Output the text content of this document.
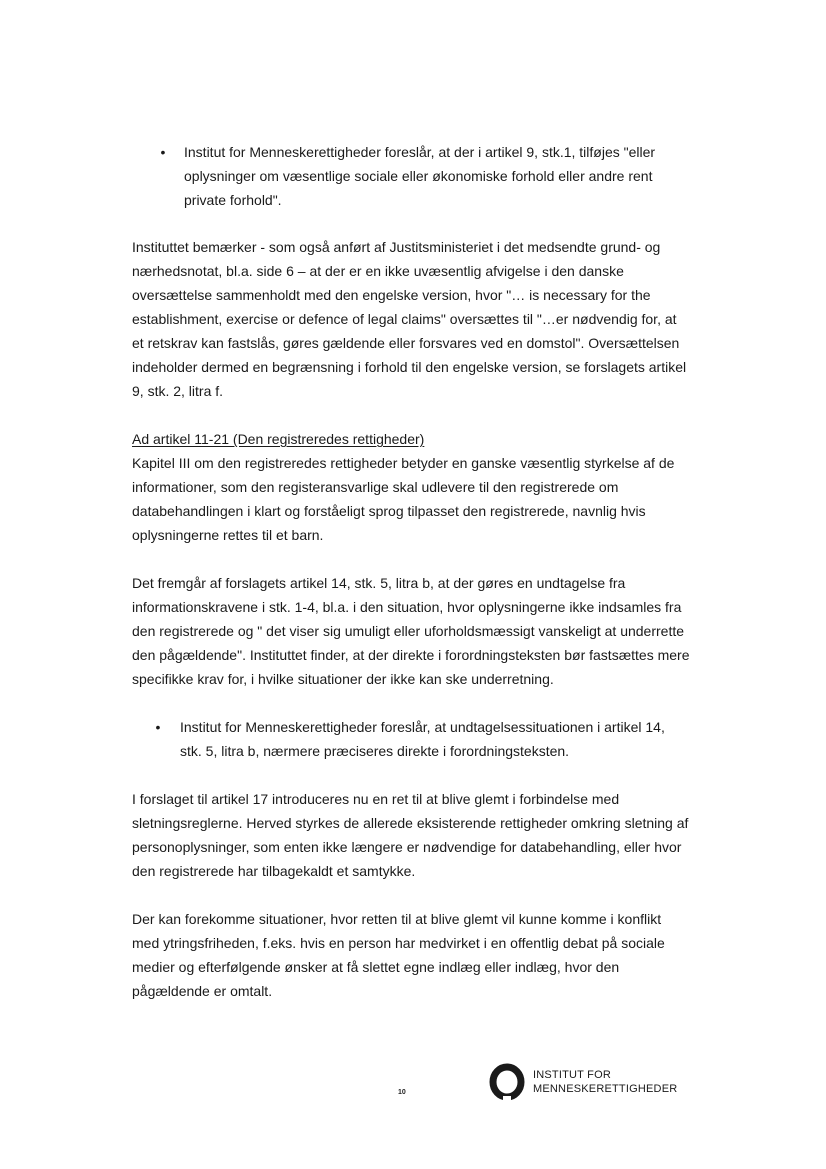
• Institut for Menneskerettigheder foreslår, at der i artikel 9, stk.1, tilføjes "eller oplysninger om væsentlige sociale eller økonomiske forhold eller andre rent private forhold".

Instituttet bemærker - som også anført af Justitsministeriet i det medsendte grund- og nærhedsnotat, bl.a. side 6 – at der er en ikke uvæsentlig afvigelse i den danske oversættelse sammenholdt med den engelske version, hvor "… is necessary for the establishment, exercise or defence of legal claims" oversættes til "…er nødvendig for, at et retskrav kan fastslås, gøres gældende eller forsvares ved en domstol". Oversættelsen indeholder dermed en begrænsning i forhold til den engelske version, se forslagets artikel 9, stk. 2, litra f.

Ad artikel 11-21 (Den registreredes rettigheder)

Kapitel III om den registreredes rettigheder betyder en ganske væsentlig styrkelse af de informationer, som den registeransvarlige skal udlevere til den registrerede om databehandlingen i klart og forståeligt sprog tilpasset den registrerede, navnlig hvis oplysningerne rettes til et barn.

Det fremgår af forslagets artikel 14, stk. 5, litra b, at der gøres en undtagelse fra informationskravene i stk. 1-4, bl.a. i den situation, hvor oplysningerne ikke indsamles fra den registrerede og " det viser sig umuligt eller uforholdsmæssigt vanskeligt at underrette den pågældende". Instituttet finder, at der direkte i forordningsteksten bør fastsættes mere specifikke krav for, i hvilke situationer der ikke kan ske underretning.

• Institut for Menneskerettigheder foreslår, at undtagelsessituationen i artikel 14, stk. 5, litra b, nærmere præciseres direkte i forordningsteksten.

I forslaget til artikel 17 introduceres nu en ret til at blive glemt i forbindelse med sletningsreglerne. Herved styrkes de allerede eksisterende rettigheder omkring sletning af personoplysninger, som enten ikke længere er nødvendige for databehandling, eller hvor den registrerede har tilbagekaldt et samtykke.

Der kan forekomme situationer, hvor retten til at blive glemt vil kunne komme i konflikt med ytringsfriheden, f.eks. hvis en person har medvirket i en offentlig debat på sociale medier og efterfølgende ønsker at få slettet egne indlæg eller indlæg, hvor den pågældende er omtalt.

10
INSTITUT FOR
MENNESKERETTIGHEDER
